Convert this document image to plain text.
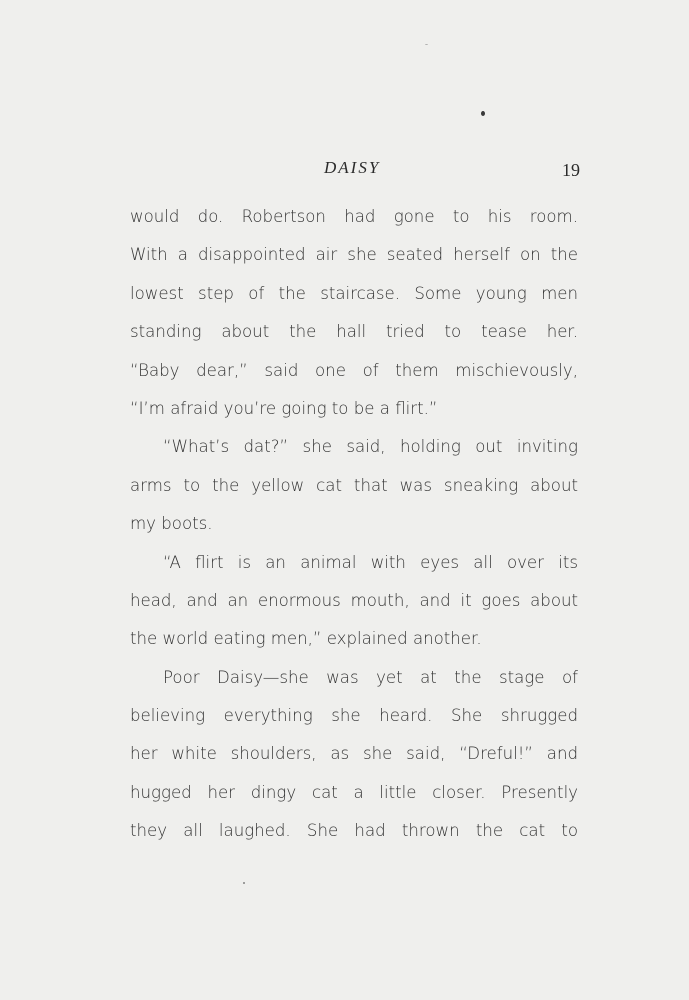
DAISY	19
would do. Robertson had gone to his room.
With a disappointed air she seated herself on the
lowest step of the staircase. Some young men
standing about the hall tried to tease her.
“Baby dear,” said one of them mischievously,
“I’m afraid you’re going to be a flirt.”
“What’s dat?” she said, holding out inviting
arms to the yellow cat that was sneaking about
my boots.
“A flirt is an animal with eyes all over its
head, and an enormous mouth, and it goes about
the world eating men,” explained another.
Poor Daisy—she was yet at the stage of
believing everything she heard. She shrugged
her white shoulders, as she said, “Dreful!” and
hugged her dingy cat a little closer. Presently
they all laughed. She had thrown the cat to
